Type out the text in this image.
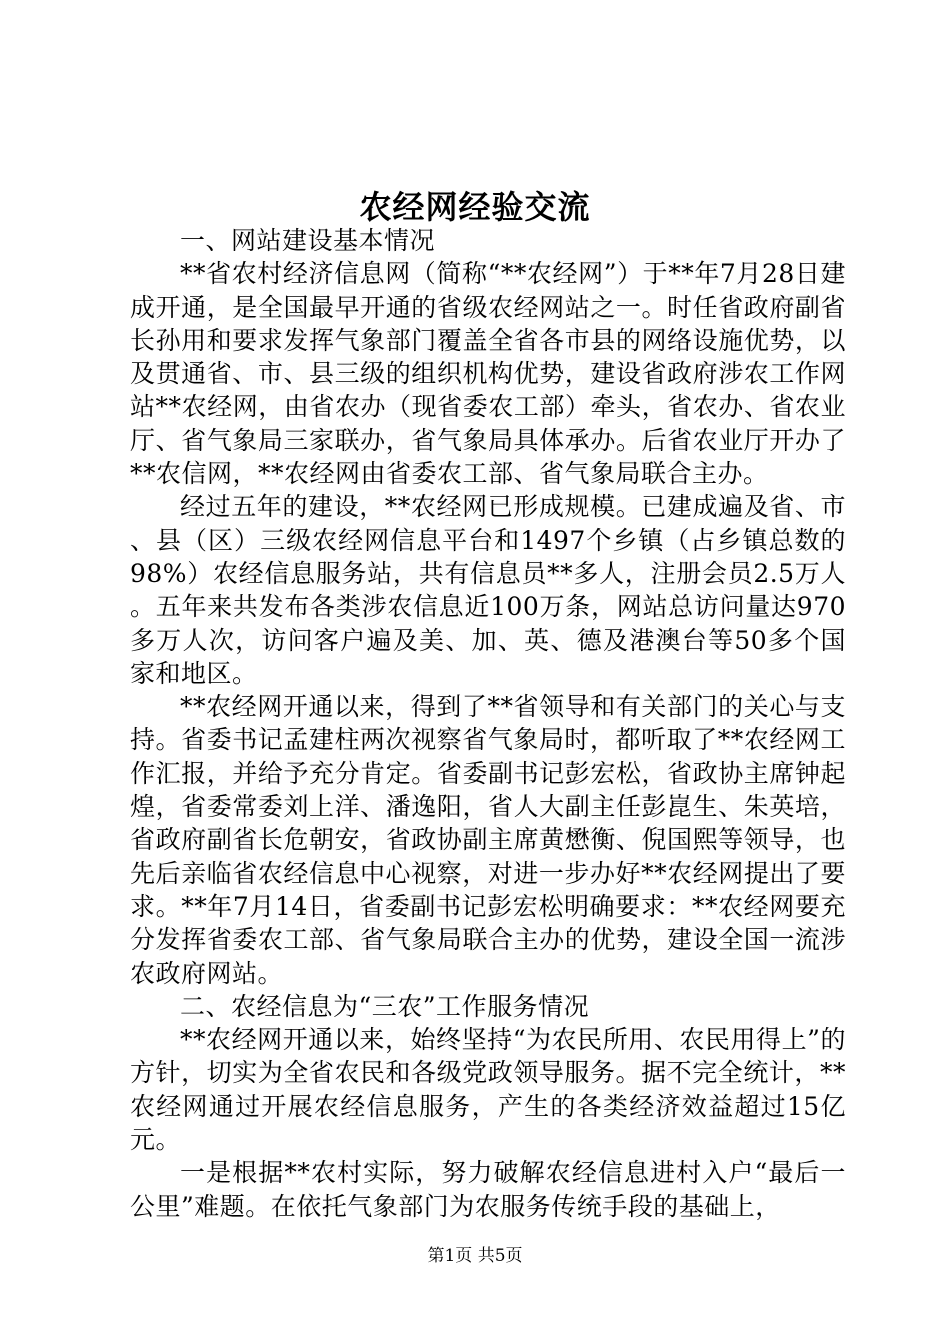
农经网经验交流

一、网站建设基本情况

**省农村经济信息网（简称“**农经网”）于**年7月28日建成开通，是全国最早开通的省级农经网站之一。时任省政府副省长孙用和要求发挥气象部门覆盖全省各市县的网络设施优势，以及贯通省、市、县三级的组织机构优势，建设省政府涉农工作网站**农经网，由省农办（现省委农工部）牵头，省农办、省农业厅、省气象局三家联办，省气象局具体承办。后省农业厅开办了**农信网，**农经网由省委农工部、省气象局联合主办。

经过五年的建设，**农经网已形成规模。已建成遍及省、市、县（区）三级农经网信息平台和1497个乡镇（占乡镇总数的98%）农经信息服务站，共有信息员**多人，注册会员2.5万人。五年来共发布各类涉农信息近100万条，网站总访问量达970多万人次，访问客户遍及美、加、英、德及港澳台等50多个国家和地区。

**农经网开通以来，得到了**省领导和有关部门的关心与支持。省委书记孟建柱两次视察省气象局时，都听取了**农经网工作汇报，并给予充分肯定。省委副书记彭宏松，省政协主席钟起煌，省委常委刘上洋、潘逸阳，省人大副主任彭崑生、朱英培，省政府副省长危朝安，省政协副主席黄懋衡、倪国熙等领导，也先后亲临省农经信息中心视察，对进一步办好**农经网提出了要求。**年7月14日，省委副书记彭宏松明确要求：**农经网要充分发挥省委农工部、省气象局联合主办的优势，建设全国一流涉农政府网站。

二、农经信息为“三农”工作服务情况

**农经网开通以来，始终坚持“为农民所用、农民用得上”的方针，切实为全省农民和各级党政领导服务。据不完全统计，**农经网通过开展农经信息服务，产生的各类经济效益超过15亿元。

一是根据**农村实际，努力破解农经信息进村入户“最后一公里”难题。在依托气象部门为农服务传统手段的基础上，

第1页 共5页
